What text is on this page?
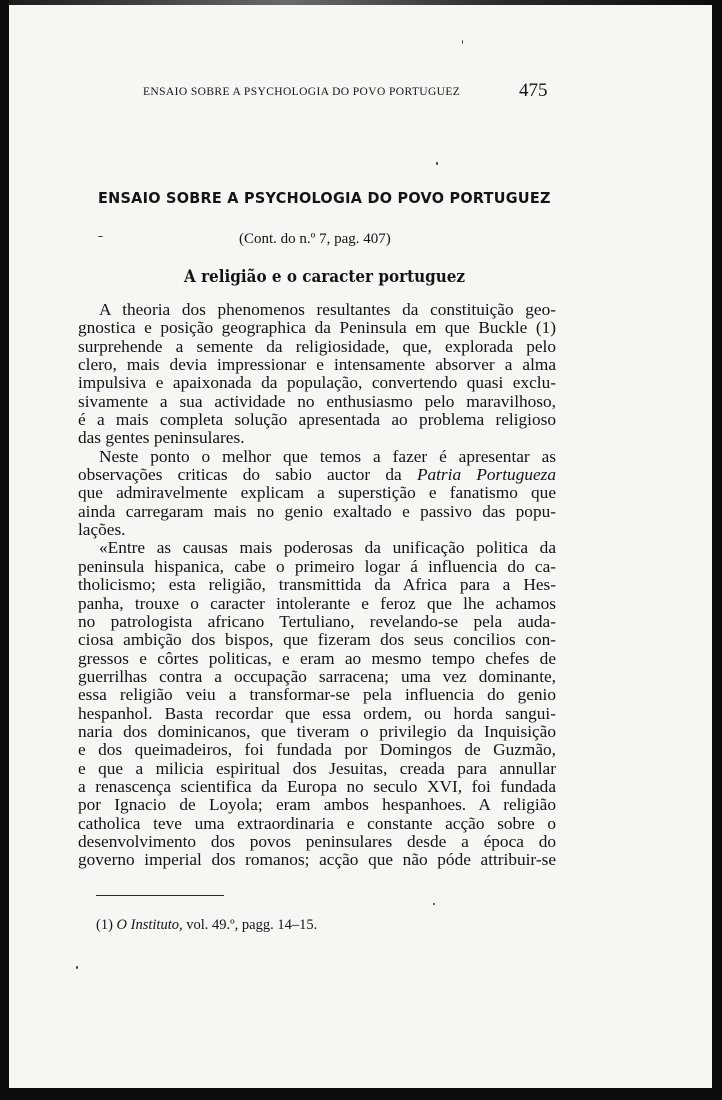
ENSAIO SOBRE A PSYCHOLOGIA DO POVO PORTUGUEZ	475
ENSAIO SOBRE A PSYCHOLOGIA DO POVO PORTUGUEZ
(Cont. do n.º 7, pag. 407)
A religião e o caracter portuguez
A theoria dos phenomenos resultantes da constituição geo-
gnostica e posição geographica da Peninsula em que Buckle (1)
surprehende a semente da religiosidade, que, explorada pelo
clero, mais devia impressionar e intensamente absorver a alma
impulsiva e apaixonada da população, convertendo quasi exclu-
sivamente a sua actividade no enthusiasmo pelo maravilhoso,
é a mais completa solução apresentada ao problema religioso
das gentes peninsulares.
Neste ponto o melhor que temos a fazer é apresentar as
observações criticas do sabio auctor da Patria Portugueza
que admiravelmente explicam a superstição e fanatismo que
ainda carregaram mais no genio exaltado e passivo das popu-
lações.
«Entre as causas mais poderosas da unificação politica da
peninsula hispanica, cabe o primeiro logar á influencia do ca-
tholicismo; esta religião, transmittida da Africa para a Hes-
panha, trouxe o caracter intolerante e feroz que lhe achamos
no patrologista africano Tertuliano, revelando-se pela auda-
ciosa ambição dos bispos, que fizeram dos seus concilios con-
gressos e côrtes politicas, e eram ao mesmo tempo chefes de
guerrilhas contra a occupação sarracena; uma vez dominante,
essa religião veiu a transformar-se pela influencia do genio
hespanhol. Basta recordar que essa ordem, ou horda sangui-
naria dos dominicanos, que tiveram o privilegio da Inquisição
e dos queimadeiros, foi fundada por Domingos de Guzmão,
e que a milicia espiritual dos Jesuitas, creada para annullar
a renascença scientifica da Europa no seculo XVI, foi fundada
por Ignacio de Loyola; eram ambos hespanhoes. A religião
catholica teve uma extraordinaria e constante acção sobre o
desenvolvimento dos povos peninsulares desde a época do
governo imperial dos romanos; acção que não póde attribuir-se
(1) O Instituto, vol. 49.º, pagg. 14–15.
